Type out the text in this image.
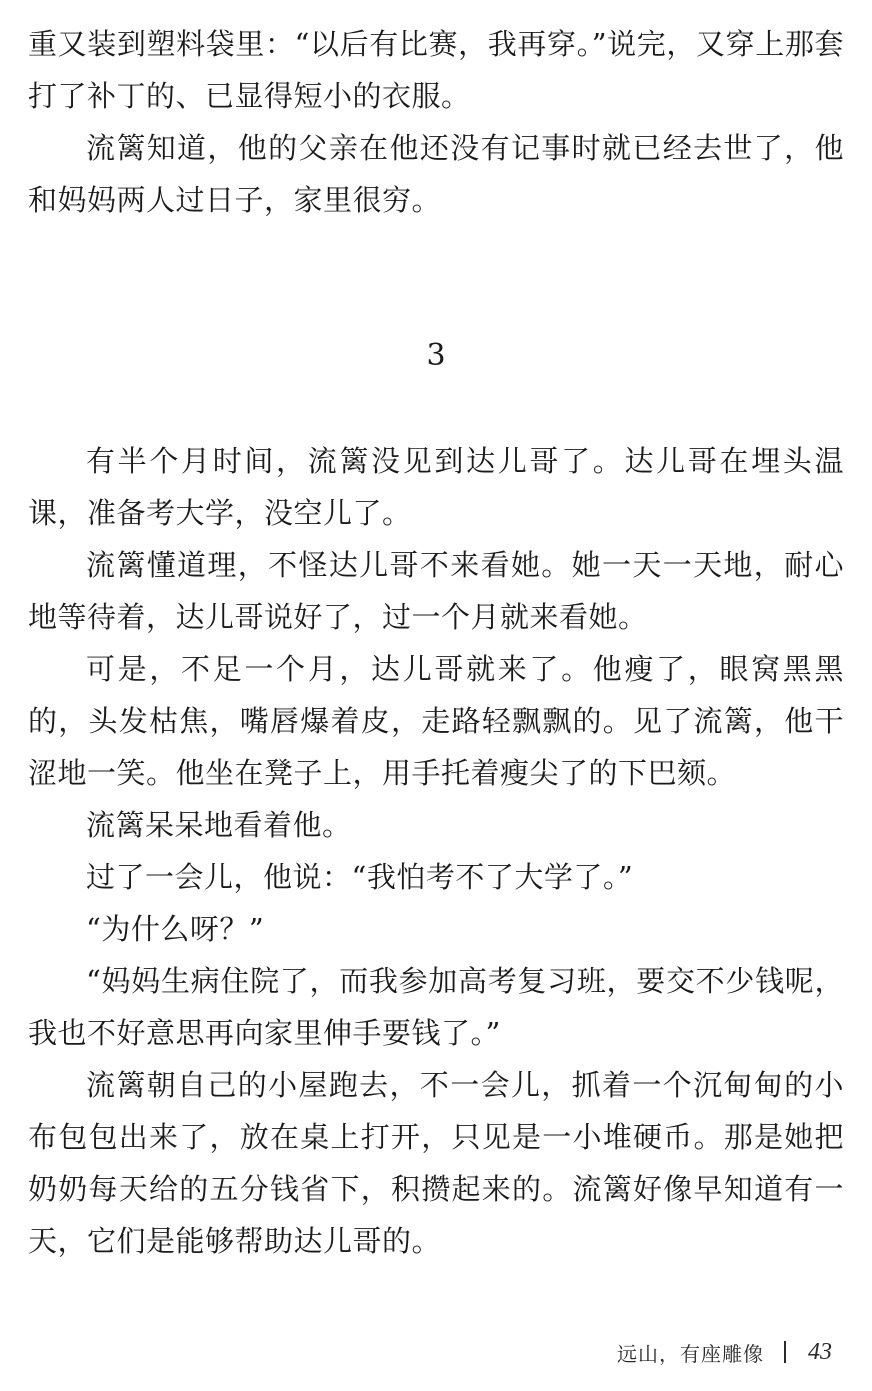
重又装到塑料袋里：“以后有比赛，我再穿。”说完，又穿上那套打了补丁的、已显得短小的衣服。

流篱知道，他的父亲在他还没有记事时就已经去世了，他和妈妈两人过日子，家里很穷。

3

有半个月时间，流篱没见到达儿哥了。达儿哥在埋头温课，准备考大学，没空儿了。

流篱懂道理，不怪达儿哥不来看她。她一天一天地，耐心地等待着，达儿哥说好了，过一个月就来看她。

可是，不足一个月，达儿哥就来了。他瘦了，眼窝黑黑的，头发枯焦，嘴唇爆着皮，走路轻飘飘的。见了流篱，他干涩地一笑。他坐在凳子上，用手托着瘦尖了的下巴颏。

流篱呆呆地看着他。

过了一会儿，他说：“我怕考不了大学了。”

“为什么呀？”

“妈妈生病住院了，而我参加高考复习班，要交不少钱呢，我也不好意思再向家里伸手要钱了。”

流篱朝自己的小屋跑去，不一会儿，抓着一个沉甸甸的小布包包出来了，放在桌上打开，只见是一小堆硬币。那是她把奶奶每天给的五分钱省下，积攒起来的。流篱好像早知道有一天，它们是能够帮助达儿哥的。

远山，有座雕像 43
